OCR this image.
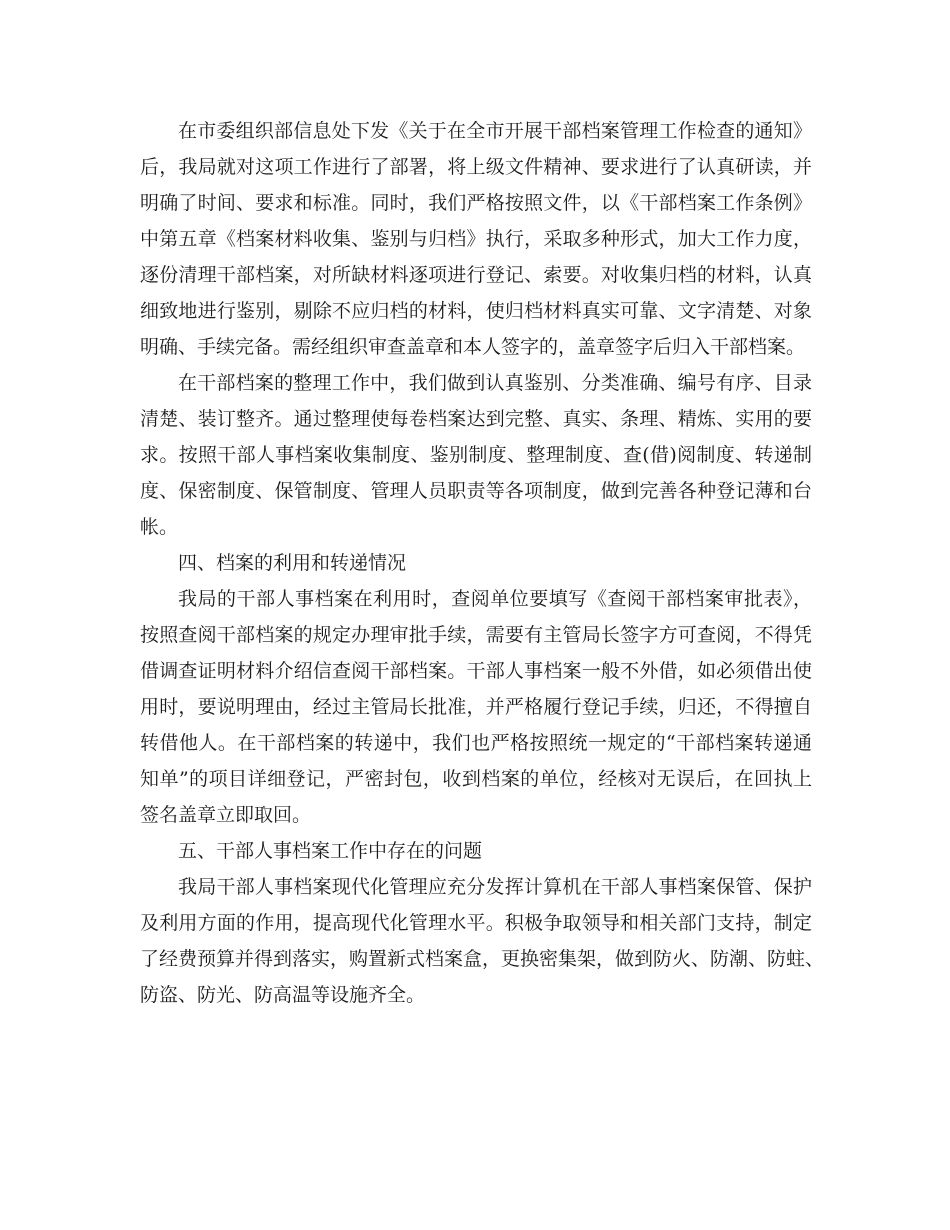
在市委组织部信息处下发《关于在全市开展干部档案管理工作检查的通知》
后，我局就对这项工作进行了部署，将上级文件精神、要求进行了认真研读，并
明确了时间、要求和标准。同时，我们严格按照文件，以《干部档案工作条例》
中第五章《档案材料收集、鉴别与归档》执行，采取多种形式，加大工作力度，
逐份清理干部档案，对所缺材料逐项进行登记、索要。对收集归档的材料，认真
细致地进行鉴别，剔除不应归档的材料，使归档材料真实可靠、文字清楚、对象
明确、手续完备。需经组织审查盖章和本人签字的，盖章签字后归入干部档案。
在干部档案的整理工作中，我们做到认真鉴别、分类准确、编号有序、目录
清楚、装订整齐。通过整理使每卷档案达到完整、真实、条理、精炼、实用的要
求。按照干部人事档案收集制度、鉴别制度、整理制度、查(借)阅制度、转递制
度、保密制度、保管制度、管理人员职责等各项制度，做到完善各种登记薄和台
帐。
四、档案的利用和转递情况
我局的干部人事档案在利用时，查阅单位要填写《查阅干部档案审批表》，
按照查阅干部档案的规定办理审批手续，需要有主管局长签字方可查阅，不得凭
借调查证明材料介绍信查阅干部档案。干部人事档案一般不外借，如必须借出使
用时，要说明理由，经过主管局长批准，并严格履行登记手续，归还，不得擅自
转借他人。在干部档案的转递中，我们也严格按照统一规定的“干部档案转递通
知单”的项目详细登记，严密封包，收到档案的单位，经核对无误后，在回执上
签名盖章立即取回。
五、干部人事档案工作中存在的问题
我局干部人事档案现代化管理应充分发挥计算机在干部人事档案保管、保护
及利用方面的作用，提高现代化管理水平。积极争取领导和相关部门支持，制定
了经费预算并得到落实，购置新式档案盒，更换密集架，做到防火、防潮、防蛀、
防盗、防光、防高温等设施齐全。
